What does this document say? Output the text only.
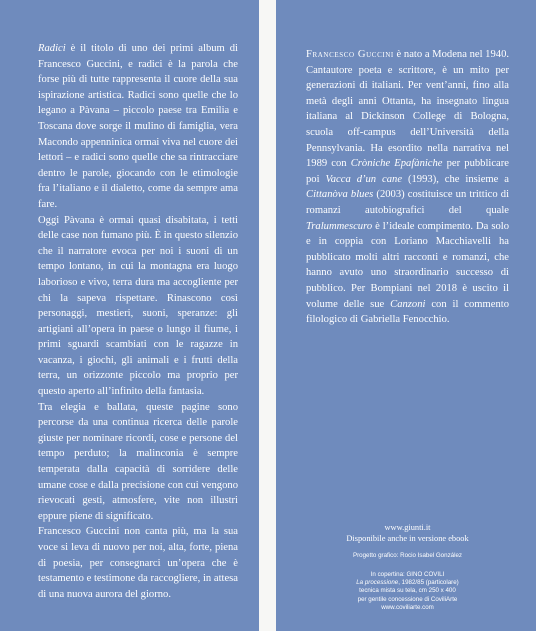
Radici è il titolo di uno dei primi album di Francesco Guccini, e radici è la parola che forse più di tutte rappresenta il cuore della sua ispirazione artistica. Radici sono quelle che lo legano a Pàvana – piccolo paese tra Emilia e Toscana dove sorge il mulino di famiglia, vera Macondo appenninica ormai viva nel cuore dei lettori – e radici sono quelle che sa rintracciare dentro le parole, giocando con le etimologie fra l’italiano e il dialetto, come da sempre ama fare.

Oggi Pàvana è ormai quasi disabitata, i tetti delle case non fumano più. È in questo silenzio che il narratore evoca per noi i suoni di un tempo lontano, in cui la montagna era luogo laborioso e vivo, terra dura ma accogliente per chi la sapeva rispettare. Rinascono così personaggi, mestieri, suoni, speranze: gli artigiani all’opera in paese o lungo il fiume, i primi sguardi scambiati con le ragazze in vacanza, i giochi, gli animali e i frutti della terra, un orizzonte piccolo ma proprio per questo aperto all’infinito della fantasia.

Tra elegia e ballata, queste pagine sono percorse da una continua ricerca delle parole giuste per nominare ricordi, cose e persone del tempo perduto; la malinconia è sempre temperata dalla capacità di sorridere delle umane cose e dalla precisione con cui vengono rievocati gesti, atmosfere, vite non illustri eppure piene di significato.

Francesco Guccini non canta più, ma la sua voce si leva di nuovo per noi, alta, forte, piena di poesia, per consegnarci un’opera che è testamento e testimone da raccogliere, in attesa di una nuova aurora del giorno.

Francesco Guccini è nato a Modena nel 1940. Cantautore poeta e scrittore, è un mito per generazioni di italiani. Per vent’anni, fino alla metà degli anni Ottanta, ha insegnato lingua italiana al Dickinson College di Bologna, scuola off-campus dell’Università della Pennsylvania. Ha esordito nella narrativa nel 1989 con Cròniche Epafàniche per pubblicare poi Vacca d’un cane (1993), che insieme a Cittanòva blues (2003) costituisce un trittico di romanzi autobiografici del quale Tralummescuro è l’ideale compimento. Da solo e in coppia con Loriano Macchiavelli ha pubblicato molti altri racconti e romanzi, che hanno avuto uno straordinario successo di pubblico. Per Bompiani nel 2018 è uscito il volume delle sue Canzoni con il commento filologico di Gabriella Fenocchio.

www.giunti.it
Disponibile anche in versione ebook
Progetto grafico: Rocio Isabel González
In copertina: GINO COVILI
La processione, 1982/85 (particolare)
tecnica mista su tela, cm 250 x 400
per gentile concessione di CoviliArte
www.coviliarte.com
